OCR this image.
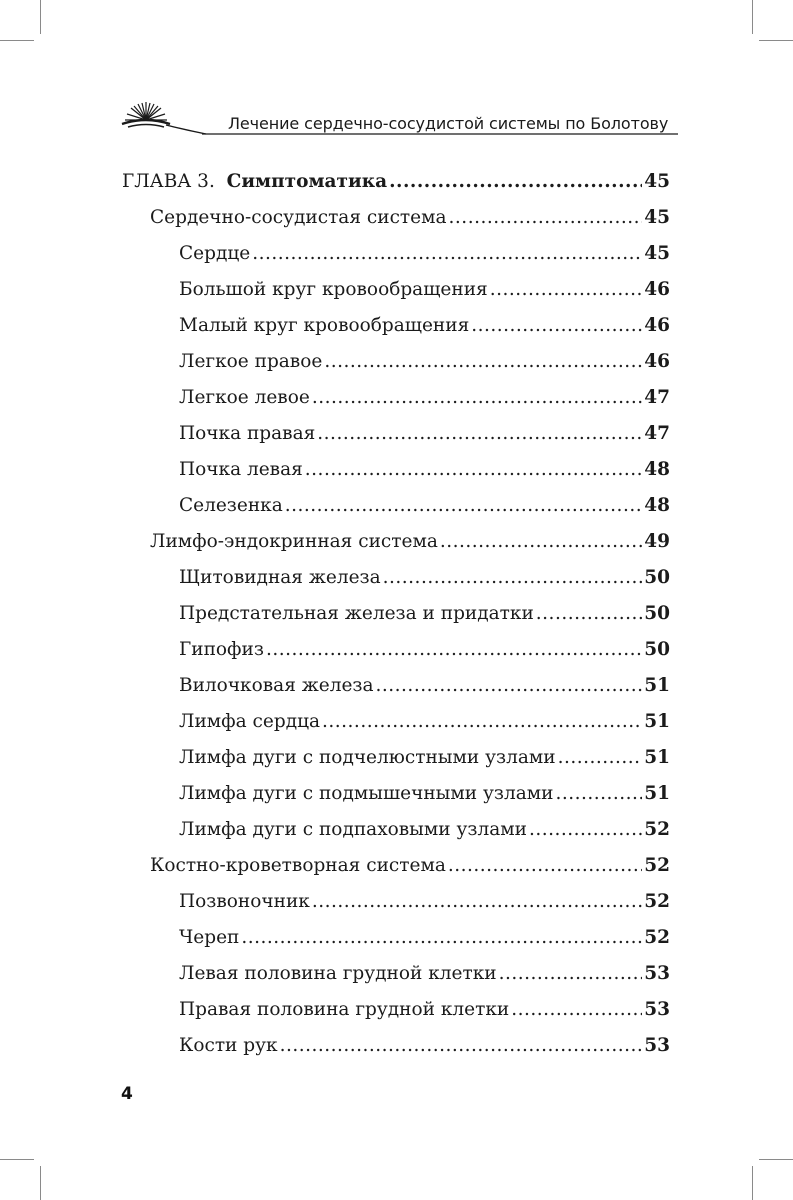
Лечение сердечно-сосудистой системы по Болотову
ГЛАВА 3. Симптоматика .....	45
Сердечно-сосудистая система .....	45
Сердце .....	45
Большой круг кровообращения .....	46
Малый круг кровообращения .....	46
Легкое правое .....	46
Легкое левое .....	47
Почка правая .....	47
Почка левая .....	48
Селезенка .....	48
Лимфо-эндокринная система .....	49
Щитовидная железа .....	50
Предстательная железа и придатки .....	50
Гипофиз .....	50
Вилочковая железа .....	51
Лимфа сердца .....	51
Лимфа дуги с подчелюстными узлами .....	51
Лимфа дуги с подмышечными узлами .....	51
Лимфа дуги с подпаховыми узлами .....	52
Костно-кроветворная система .....	52
Позвоночник .....	52
Череп .....	52
Левая половина грудной клетки .....	53
Правая половина грудной клетки .....	53
Кости рук .....	53
4
